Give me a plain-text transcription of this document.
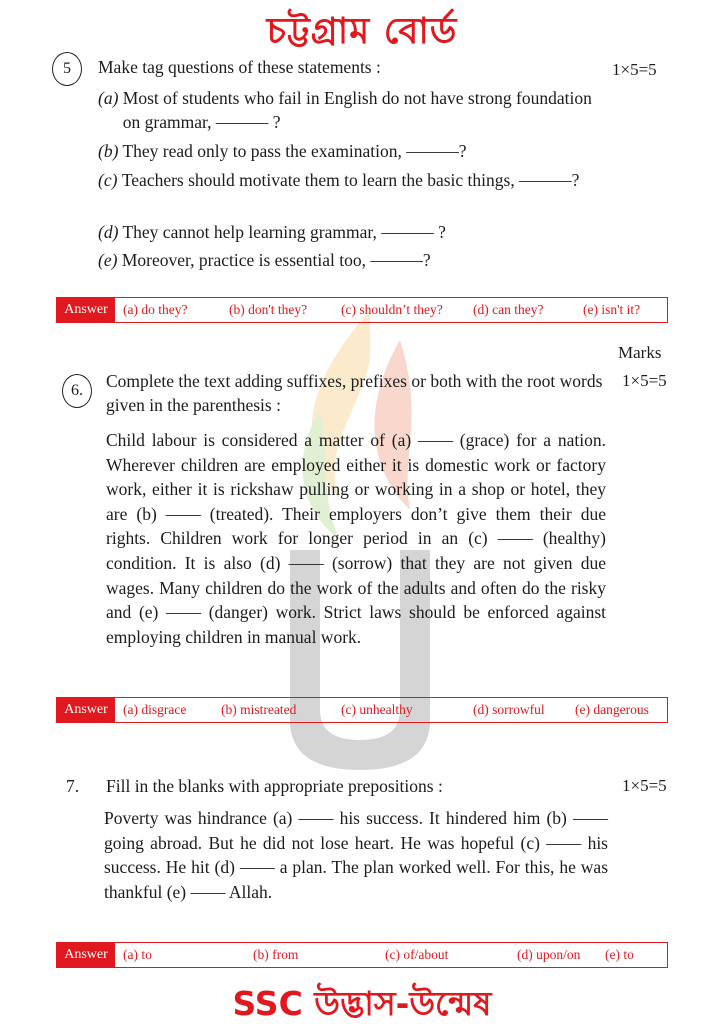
চট্টগ্রাম বোর্ড
5	Make tag questions of these statements :	1×5=5
(a) Most of students who fail in English do not have strong foundation on grammar, ——— ?
(b) They read only to pass the examination, ———?
(c) Teachers should motivate them to learn the basic things, ———?
(d) They cannot help learning grammar, ——— ?
(e) Moreover, practice is essential too, ———?
Answer	(a) do they?	(b) don't they?	(c) shouldn’t they? (d) can they?	(e) isn't it?
Marks
6.	Complete the text adding suffixes, prefixes or both with the root words given in the parenthesis :
1×5=5
Child labour is considered a matter of (a) —— (grace) for a nation. Wherever children are employed either it is domestic work or factory work, either it is rickshaw pulling or working in a shop or hotel, they are (b) —— (treated). Their employers don’t give them their due rights. Children work for longer period in an (c) —— (healthy) condition. It is also (d) —— (sorrow) that they are not given due wages. Many children do the work of the adults and often do the risky and (e) —— (danger) work. Strict laws should be enforced against employing children in manual work.
Answer	(a) disgrace	(b) mistreated	(c) unhealthy	(d) sorrowful (e) dangerous
7. Fill in the blanks with appropriate prepositions :	1×5=5
Poverty was hindrance (a) —— his success. It hindered him (b) —— going abroad. But he did not lose heart. He was hopeful (c) —— his success. He hit (d) —— a plan. The plan worked well. For this, he was thankful (e) —— Allah.
Answer	(a) to	(b) from	(c) of/about	(d) upon/on (e) to
SSC উদ্ভাস-উন্মেষ
